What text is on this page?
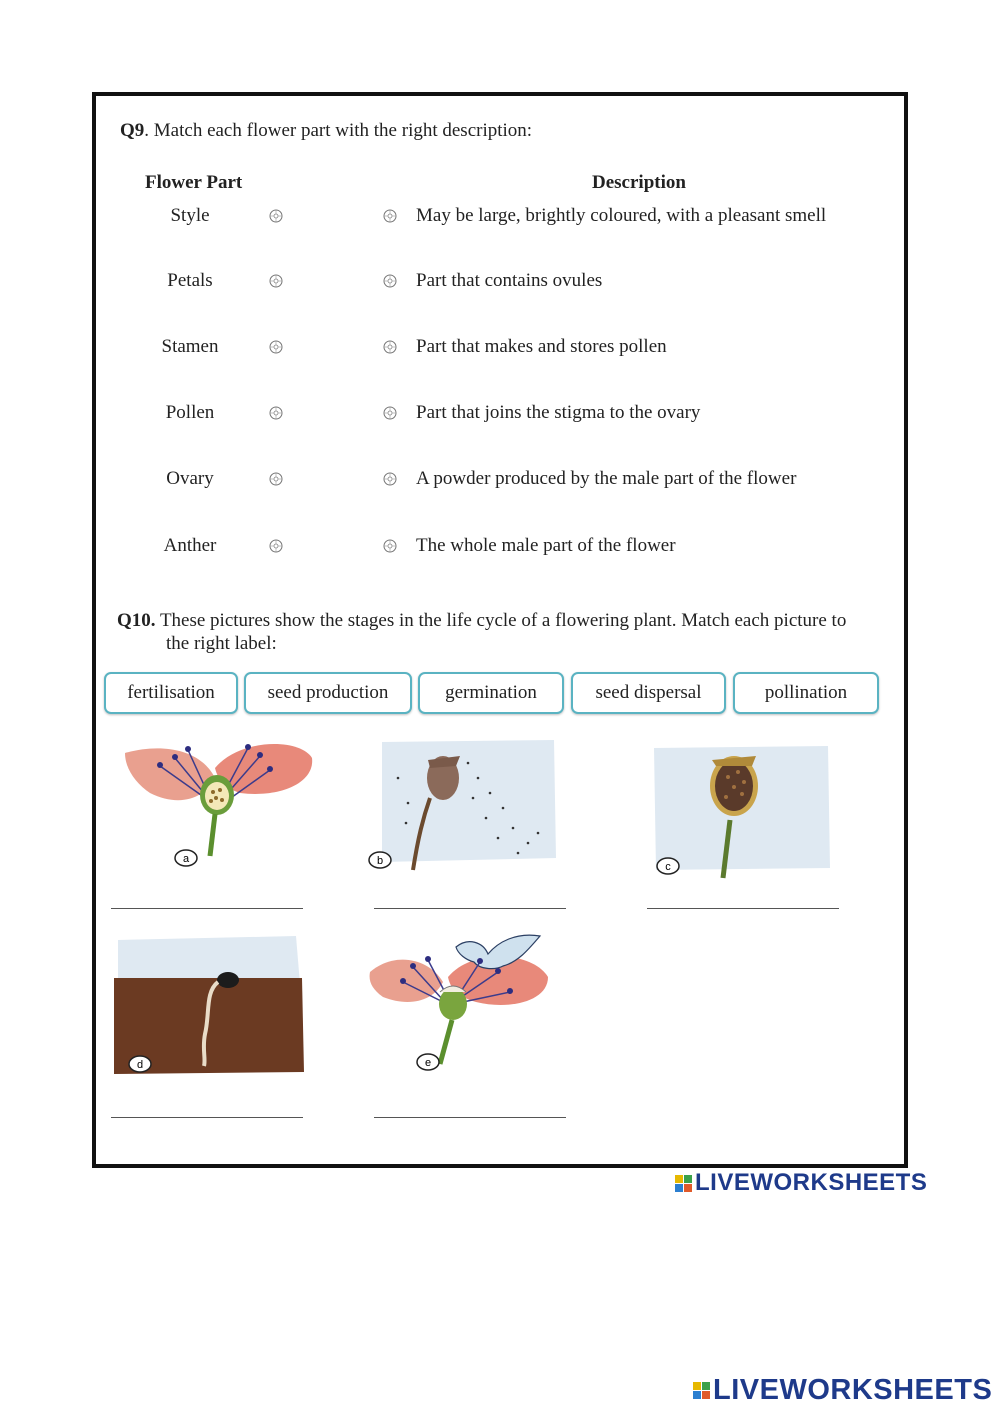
Q9. Match each flower part with the right description:
Flower Part	Description
Style	May be large, brightly coloured, with a pleasant smell
Petals	Part that contains ovules
Stamen	Part that makes and stores pollen
Pollen	Part that joins the stigma to the ovary
Ovary	A powder produced by the male part of the flower
Anther	The whole male part of the flower
Q10. These pictures show the stages in the life cycle of a flowering plant. Match each picture to
the right label:
fertilisation	seed production	germination	seed dispersal	pollination
a	b	c
d	e
LIVEWORKSHEETS
LIVEWORKSHEETS
